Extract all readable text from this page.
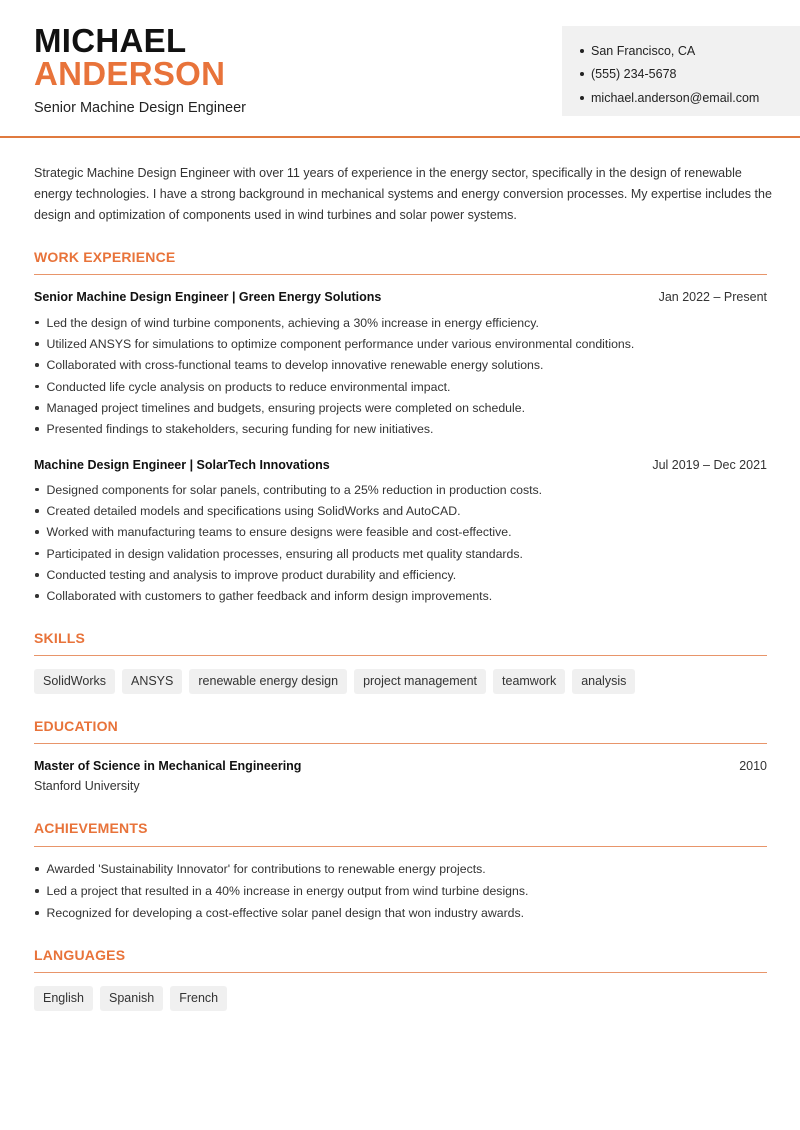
MICHAEL
ANDERSON
Senior Machine Design Engineer
San Francisco, CA
(555) 234-5678
michael.anderson@email.com

Strategic Machine Design Engineer with over 11 years of experience in the energy sector, specifically in the design of renewable energy technologies. I have a strong background in mechanical systems and energy conversion processes. My expertise includes the design and optimization of components used in wind turbines and solar power systems.

WORK EXPERIENCE
Senior Machine Design Engineer | Green Energy Solutions	Jan 2022 – Present
Led the design of wind turbine components, achieving a 30% increase in energy efficiency.
Utilized ANSYS for simulations to optimize component performance under various environmental conditions.
Collaborated with cross-functional teams to develop innovative renewable energy solutions.
Conducted life cycle analysis on products to reduce environmental impact.
Managed project timelines and budgets, ensuring projects were completed on schedule.
Presented findings to stakeholders, securing funding for new initiatives.
Machine Design Engineer | SolarTech Innovations	Jul 2019 – Dec 2021
Designed components for solar panels, contributing to a 25% reduction in production costs.
Created detailed models and specifications using SolidWorks and AutoCAD.
Worked with manufacturing teams to ensure designs were feasible and cost-effective.
Participated in design validation processes, ensuring all products met quality standards.
Conducted testing and analysis to improve product durability and efficiency.
Collaborated with customers to gather feedback and inform design improvements.
SKILLS
SolidWorks	ANSYS	renewable energy design	project management	teamwork	analysis
EDUCATION
Master of Science in Mechanical Engineering	2010
Stanford University
ACHIEVEMENTS
Awarded 'Sustainability Innovator' for contributions to renewable energy projects.
Led a project that resulted in a 40% increase in energy output from wind turbine designs.
Recognized for developing a cost-effective solar panel design that won industry awards.
LANGUAGES
English	Spanish	French
